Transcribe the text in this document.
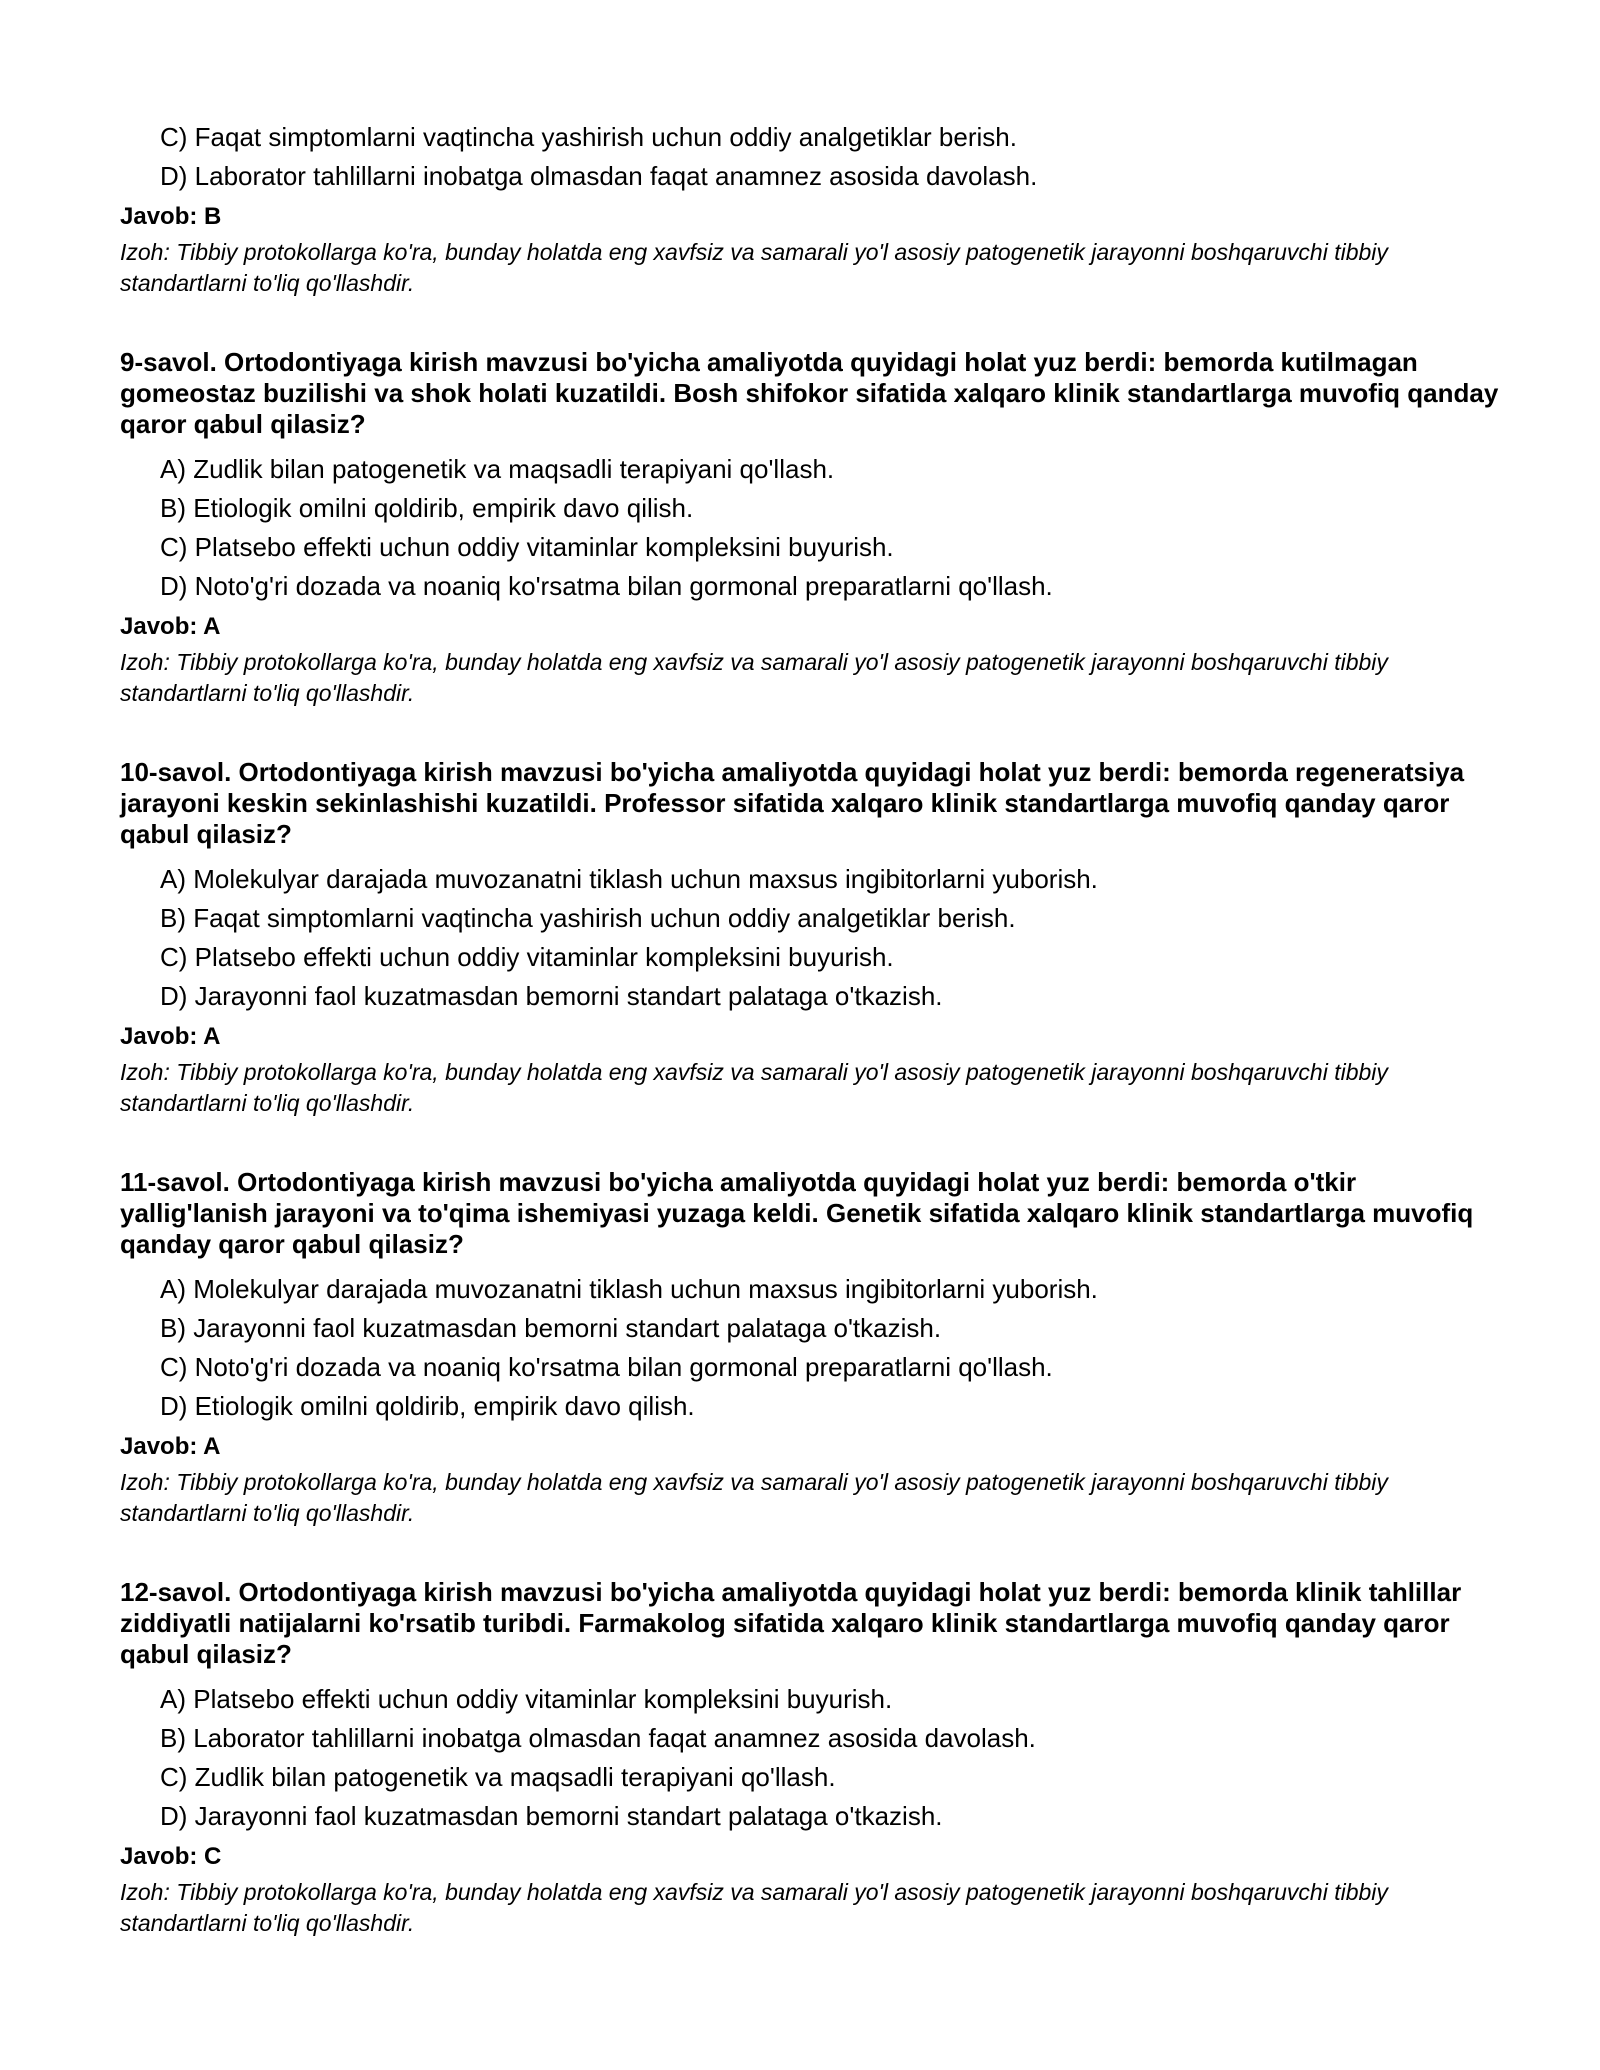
C) Faqat simptomlarni vaqtincha yashirish uchun oddiy analgetiklar berish.
D) Laborator tahlillarni inobatga olmasdan faqat anamnez asosida davolash.
Javob: B

Izoh: Tibbiy protokollarga ko'ra, bunday holatda eng xavfsiz va samarali yo'l asosiy patogenetik jarayonni boshqaruvchi tibbiy standartlarni to'liq qo'llashdir.

9-savol. Ortodontiyaga kirish mavzusi bo'yicha amaliyotda quyidagi holat yuz berdi: bemorda kutilmagan gomeostaz buzilishi va shok holati kuzatildi. Bosh shifokor sifatida xalqaro klinik standartlarga muvofiq qanday qaror qabul qilasiz?

A) Zudlik bilan patogenetik va maqsadli terapiyani qo'llash.
B) Etiologik omilni qoldirib, empirik davo qilish.
C) Platsebo effekti uchun oddiy vitaminlar kompleksini buyurish.
D) Noto'g'ri dozada va noaniq ko'rsatma bilan gormonal preparatlarni qo'llash.
Javob: A

Izoh: Tibbiy protokollarga ko'ra, bunday holatda eng xavfsiz va samarali yo'l asosiy patogenetik jarayonni boshqaruvchi tibbiy standartlarni to'liq qo'llashdir.

10-savol. Ortodontiyaga kirish mavzusi bo'yicha amaliyotda quyidagi holat yuz berdi: bemorda regeneratsiya jarayoni keskin sekinlashishi kuzatildi. Professor sifatida xalqaro klinik standartlarga muvofiq qanday qaror qabul qilasiz?

A) Molekulyar darajada muvozanatni tiklash uchun maxsus ingibitorlarni yuborish.
B) Faqat simptomlarni vaqtincha yashirish uchun oddiy analgetiklar berish.
C) Platsebo effekti uchun oddiy vitaminlar kompleksini buyurish.
D) Jarayonni faol kuzatmasdan bemorni standart palataga o'tkazish.
Javob: A

Izoh: Tibbiy protokollarga ko'ra, bunday holatda eng xavfsiz va samarali yo'l asosiy patogenetik jarayonni boshqaruvchi tibbiy standartlarni to'liq qo'llashdir.

11-savol. Ortodontiyaga kirish mavzusi bo'yicha amaliyotda quyidagi holat yuz berdi: bemorda o'tkir yallig'lanish jarayoni va to'qima ishemiyasi yuzaga keldi. Genetik sifatida xalqaro klinik standartlarga muvofiq qanday qaror qabul qilasiz?

A) Molekulyar darajada muvozanatni tiklash uchun maxsus ingibitorlarni yuborish.
B) Jarayonni faol kuzatmasdan bemorni standart palataga o'tkazish.
C) Noto'g'ri dozada va noaniq ko'rsatma bilan gormonal preparatlarni qo'llash.
D) Etiologik omilni qoldirib, empirik davo qilish.
Javob: A

Izoh: Tibbiy protokollarga ko'ra, bunday holatda eng xavfsiz va samarali yo'l asosiy patogenetik jarayonni boshqaruvchi tibbiy standartlarni to'liq qo'llashdir.

12-savol. Ortodontiyaga kirish mavzusi bo'yicha amaliyotda quyidagi holat yuz berdi: bemorda klinik tahlillar ziddiyatli natijalarni ko'rsatib turibdi. Farmakolog sifatida xalqaro klinik standartlarga muvofiq qanday qaror qabul qilasiz?

A) Platsebo effekti uchun oddiy vitaminlar kompleksini buyurish.
B) Laborator tahlillarni inobatga olmasdan faqat anamnez asosida davolash.
C) Zudlik bilan patogenetik va maqsadli terapiyani qo'llash.
D) Jarayonni faol kuzatmasdan bemorni standart palataga o'tkazish.
Javob: C

Izoh: Tibbiy protokollarga ko'ra, bunday holatda eng xavfsiz va samarali yo'l asosiy patogenetik jarayonni boshqaruvchi tibbiy standartlarni to'liq qo'llashdir.
